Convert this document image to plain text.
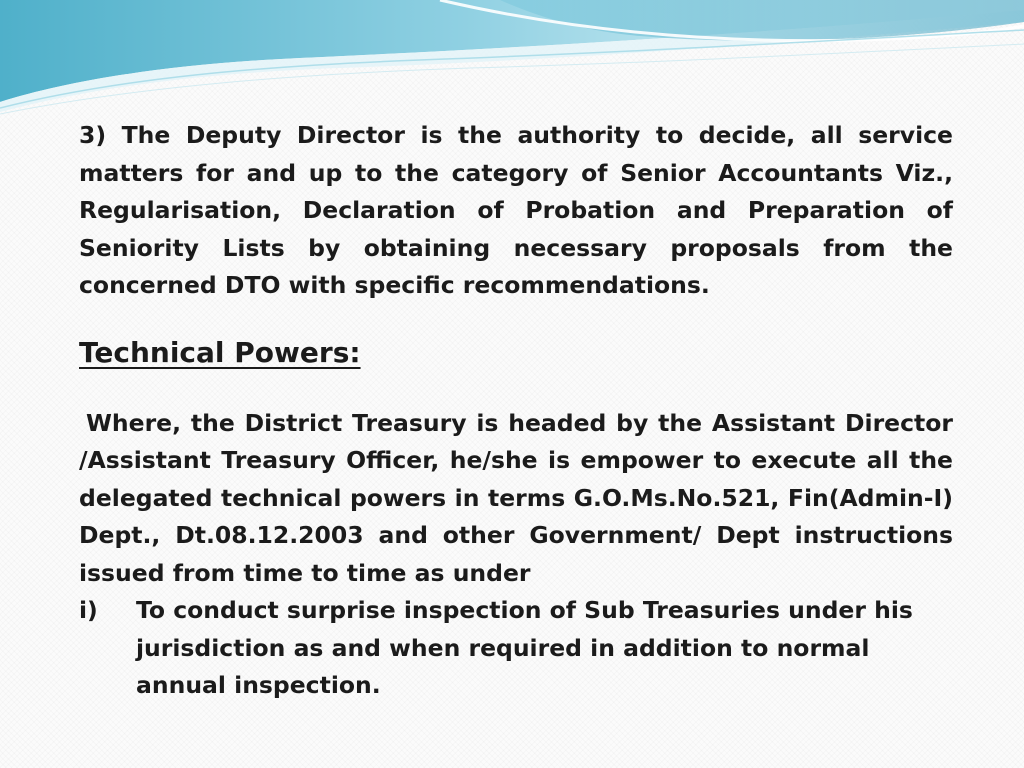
3) The Deputy Director is the authority to decide, all service matters for and up to the category of Senior Accountants Viz., Regularisation, Declaration of Probation and Preparation of Seniority Lists by obtaining necessary proposals from the concerned DTO with specific recommendations.

Technical Powers:

Where, the District Treasury is headed by the Assistant Director /Assistant Treasury Officer, he/she is empower to execute all the delegated technical powers in terms G.O.Ms.No.521, Fin(Admin-I) Dept., Dt.08.12.2003 and other Government/ Dept instructions issued from time to time as under

i)	To conduct surprise inspection of Sub Treasuries under his jurisdiction as and when required in addition to normal annual inspection.
